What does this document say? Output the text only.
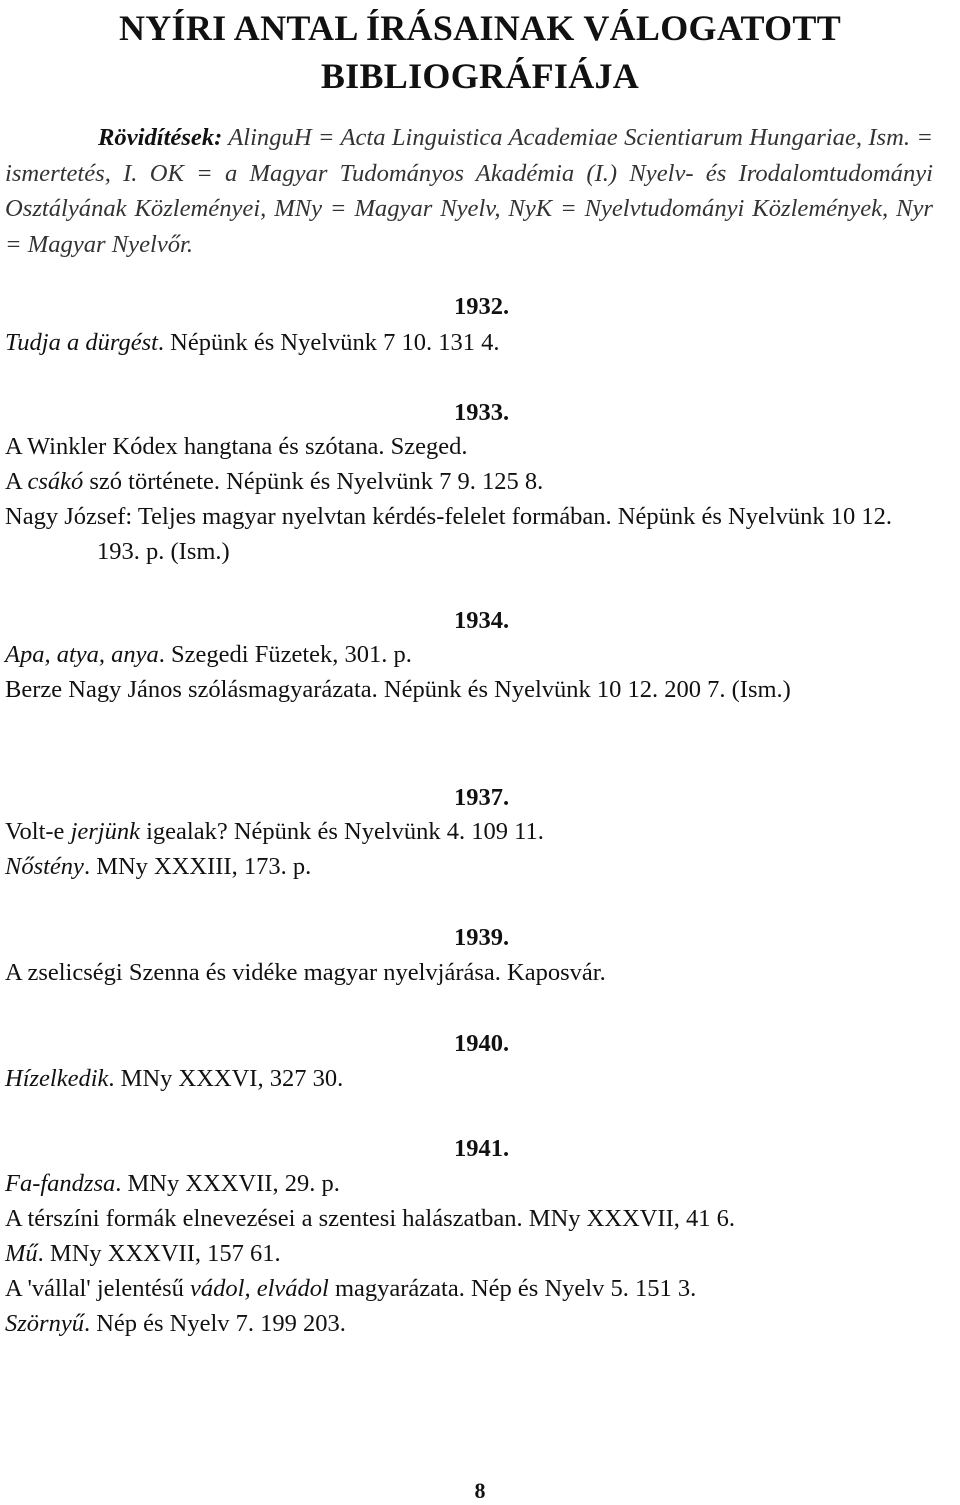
NYÍRI ANTAL ÍRÁSAINAK VÁLOGATOTT
BIBLIOGRÁFIÁJA

Rövidítések: AlinguH = Acta Linguistica Academiae Scientiarum Hungariae, Ism. = ismertetés, I. OK = a Magyar Tudományos Akadémia (I.) Nyelv- és Irodalomtudományi Osztályának Közleményei, MNy = Magyar Nyelv, NyK = Nyelvtudományi Közlemények, Nyr = Magyar Nyelvőr.

1932.

Tudja a dürgést. Népünk és Nyelvünk 7 10. 131 4.

1933.

A Winkler Kódex hangtana és szótana. Szeged.

A csákó szó története. Népünk és Nyelvünk 7 9. 125 8.

Nagy József: Teljes magyar nyelvtan kérdés-felelet formában. Népünk és Nyelvünk 10 12. 193. p. (Ism.)

1934.

Apa, atya, anya. Szegedi Füzetek, 301. p.

Berze Nagy János szólásmagyarázata. Népünk és Nyelvünk 10 12. 200 7. (Ism.)

1937.

Volt-e jerjünk igealak? Népünk és Nyelvünk 4. 109 11.

Nőstény. MNy XXXIII, 173. p.

1939.

A zselicségi Szenna és vidéke magyar nyelvjárása. Kaposvár.

1940.

Hízelkedik. MNy XXXVI, 327 30.

1941.

Fa-fandzsa. MNy XXXVII, 29. p.

A térszíni formák elnevezései a szentesi halászatban. MNy XXXVII, 41 6.

Mű. MNy XXXVII, 157 61.

A 'vállal' jelentésű vádol, elvádol magyarázata. Nép és Nyelv 5. 151 3.

Szörnyű. Nép és Nyelv 7. 199 203.

8
